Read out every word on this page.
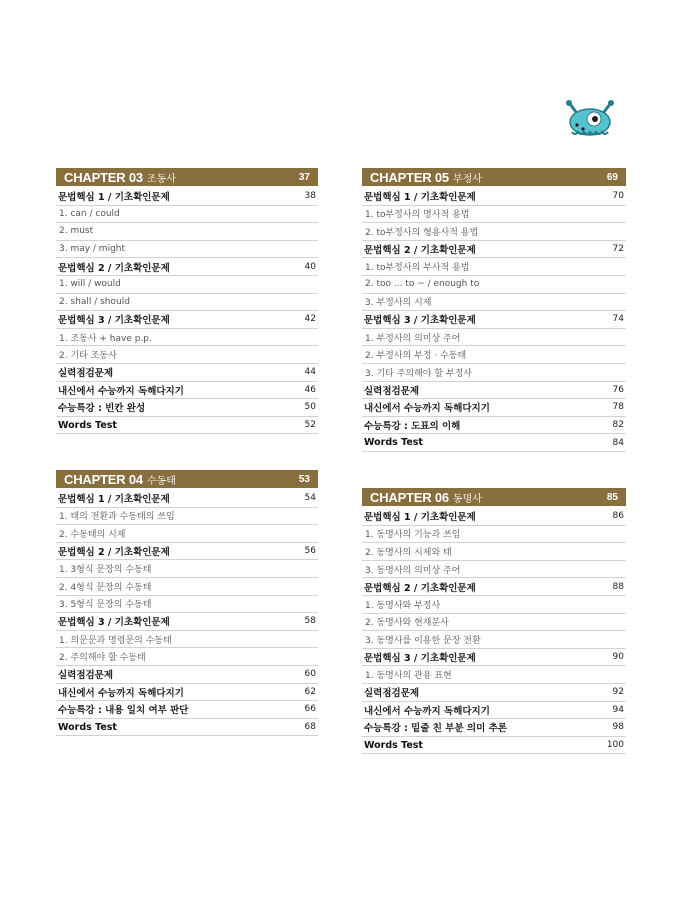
CHAPTER 03 조동사	37
문법핵심 1 / 기초확인문제	38
1. can / could
2. must
3. may / might
문법핵심 2 / 기초확인문제	40
1. will / would
2. shall / should
문법핵심 3 / 기초확인문제	42
1. 조동사 + have p.p.
2. 기타 조동사
실력점검문제	44
내신에서 수능까지 독해다지기	46
수능특강 : 빈칸 완성	50
Words Test	52
CHAPTER 04 수동태	53
문법핵심 1 / 기초확인문제	54
1. 태의 전환과 수동태의 쓰임
2. 수동태의 시제
문법핵심 2 / 기초확인문제	56
1. 3형식 문장의 수동태
2. 4형식 문장의 수동태
3. 5형식 문장의 수동태
문법핵심 3 / 기초확인문제	58
1. 의문문과 명령문의 수동태
2. 주의해야 할 수동태
실력점검문제	60
내신에서 수능까지 독해다지기	62
수능특강 : 내용 일치 여부 판단	66
Words Test	68
CHAPTER 05 부정사	69
문법핵심 1 / 기초확인문제	70
1. to부정사의 명사적 용법
2. to부정사의 형용사적 용법
문법핵심 2 / 기초확인문제	72
1. to부정사의 부사적 용법
2. too ... to ~ / enough to
3. 부정사의 시제
문법핵심 3 / 기초확인문제	74
1. 부정사의 의미상 주어
2. 부정사의 부정 · 수동태
3. 기타 주의해야 할 부정사
실력점검문제	76
내신에서 수능까지 독해다지기	78
수능특강 : 도표의 이해	82
Words Test	84
CHAPTER 06 동명사	85
문법핵심 1 / 기초확인문제	86
1. 동명사의 기능과 쓰임
2. 동명사의 시제와 태
3. 동명사의 의미상 주어
문법핵심 2 / 기초확인문제	88
1. 동명사와 부정사
2. 동명사와 현재분사
3. 동명사를 이용한 문장 전환
문법핵심 3 / 기초확인문제	90
1. 동명사의 관용 표현
실력점검문제	92
내신에서 수능까지 독해다지기	94
수능특강 : 밑줄 친 부분 의미 추론	98
Words Test	100
